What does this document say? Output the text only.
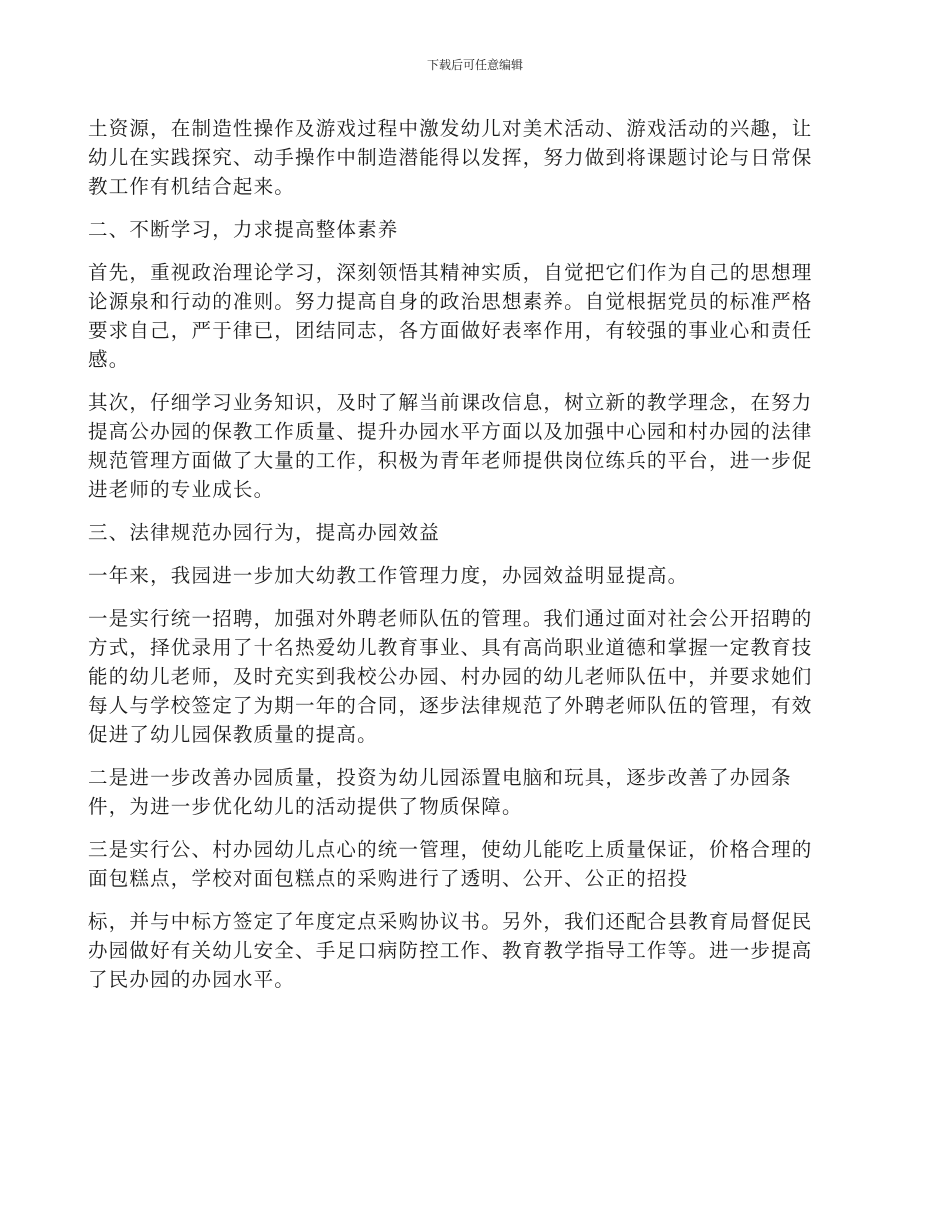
下载后可任意编辑

土资源，在制造性操作及游戏过程中激发幼儿对美术活动、游戏活动的兴趣，让
幼儿在实践探究、动手操作中制造潜能得以发挥，努力做到将课题讨论与日常保
教工作有机结合起来。

二、不断学习，力求提高整体素养

首先，重视政治理论学习，深刻领悟其精神实质，自觉把它们作为自己的思想理
论源泉和行动的准则。努力提高自身的政治思想素养。自觉根据党员的标准严格
要求自己，严于律已，团结同志，各方面做好表率作用，有较强的事业心和责任
感。

其次，仔细学习业务知识，及时了解当前课改信息，树立新的教学理念，在努力
提高公办园的保教工作质量、提升办园水平方面以及加强中心园和村办园的法律
规范管理方面做了大量的工作，积极为青年老师提供岗位练兵的平台，进一步促
进老师的专业成长。

三、法律规范办园行为，提高办园效益

一年来，我园进一步加大幼教工作管理力度，办园效益明显提高。

一是实行统一招聘，加强对外聘老师队伍的管理。我们通过面对社会公开招聘的
方式，择优录用了十名热爱幼儿教育事业、具有高尚职业道德和掌握一定教育技
能的幼儿老师，及时充实到我校公办园、村办园的幼儿老师队伍中，并要求她们
每人与学校签定了为期一年的合同，逐步法律规范了外聘老师队伍的管理，有效
促进了幼儿园保教质量的提高。

二是进一步改善办园质量，投资为幼儿园添置电脑和玩具，逐步改善了办园条
件，为进一步优化幼儿的活动提供了物质保障。

三是实行公、村办园幼儿点心的统一管理，使幼儿能吃上质量保证，价格合理的
面包糕点，学校对面包糕点的采购进行了透明、公开、公正的招投

标，并与中标方签定了年度定点采购协议书。另外，我们还配合县教育局督促民
办园做好有关幼儿安全、手足口病防控工作、教育教学指导工作等。进一步提高
了民办园的办园水平。
